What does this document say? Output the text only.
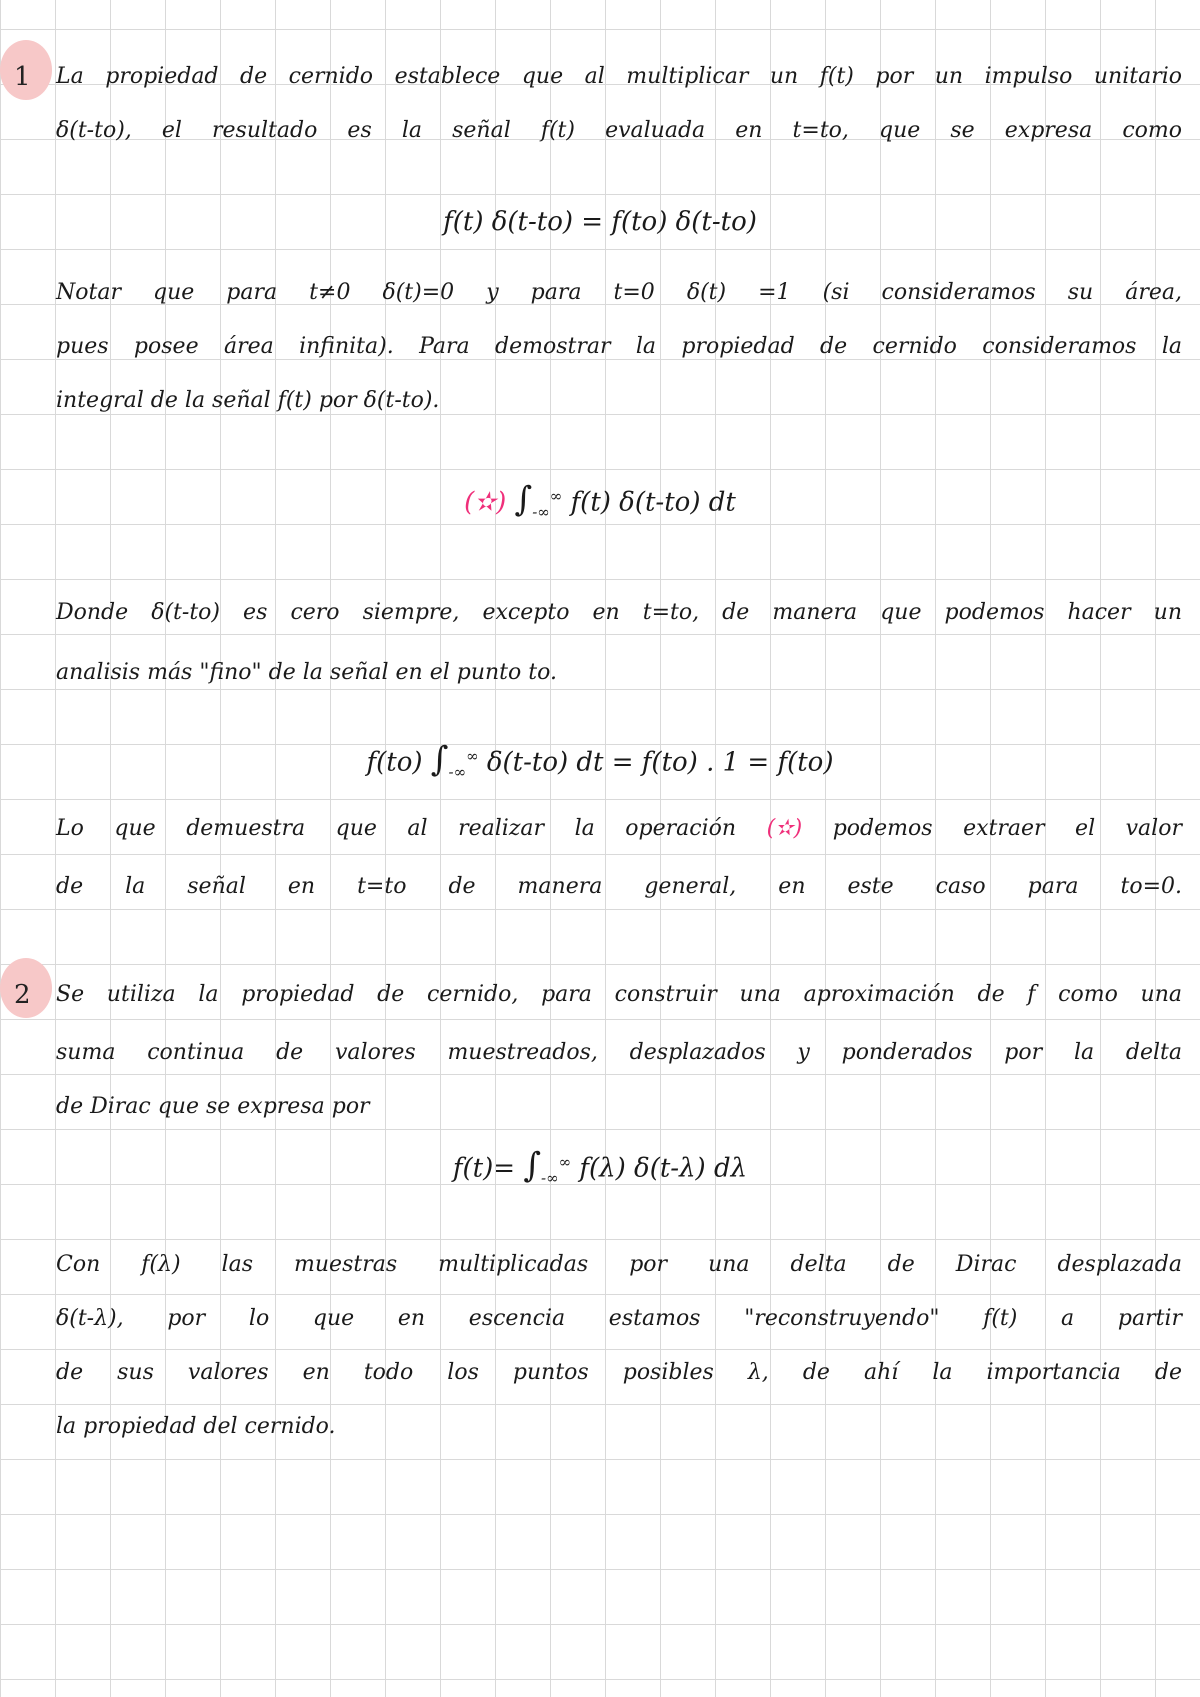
1 La propiedad de cernido establece que al multiplicar un f(t) por un impulso unitario
δ(t-to), el resultado es la señal f(t) evaluada en t=to, que se expresa como
f(t) δ(t-to) = f(to) δ(t-to)
Notar que para t≠0 δ(t)=0 y para t=0 δ(t) =1 (si consideramos su área,
pues posee área infinita). Para demostrar la propiedad de cernido consideramos la
integral de la señal f(t) por δ(t-to).
(✫) $\int_{-\infty}^\infty$ f(t) δ(t-to) dt
Donde δ(t-to) es cero siempre, excepto en t=to, de manera que podemos hacer un
analisis más "fino" de la señal en el punto to.
f(to) $\int_{-\infty}^\infty$ δ(t-to) dt = f(to) . 1 = f(to)
Lo que demuestra que al realizar la operación (✫) podemos extraer el valor
de la señal en t=to de manera general, en este caso para to=0.
2 Se utiliza la propiedad de cernido, para construir una aproximación de f como una
suma continua de valores muestreados, desplazados y ponderados por la delta
de Dirac que se expresa por
$f(t)= \int_{-\infty}^\infty$ f(λ) δ(t-λ) dλ
Con f(λ) las muestras multiplicadas por una delta de Dirac desplazada
δ(t-λ), por lo que en escencia estamos "reconstruyendo" f(t) a partir
de sus valores en todo los puntos posibles λ, de ahí la importancia de
la propiedad del cernido.
